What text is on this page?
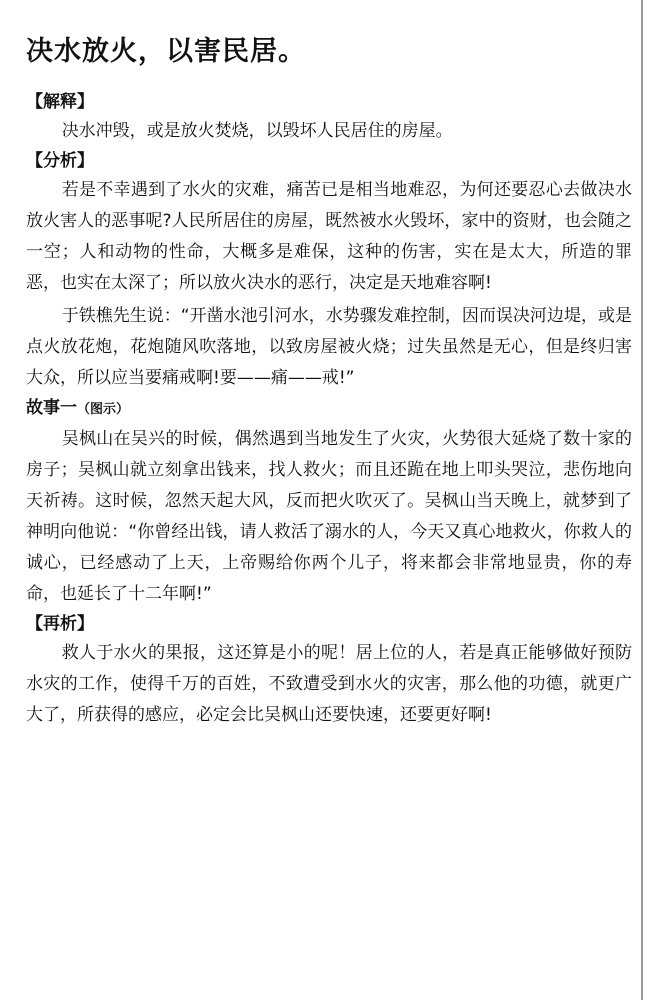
决水放火，以害民居。

【解释】

决水冲毁，或是放火焚烧，以毁坏人民居住的房屋。

【分析】

若是不幸遇到了水火的灾难，痛苦已是相当地难忍，为何还要忍心去做决水放火害人的恶事呢?人民所居住的房屋，既然被水火毁坏，家中的资财，也会随之一空；人和动物的性命，大概多是难保，这种的伤害，实在是太大，所造的罪恶，也实在太深了；所以放火决水的恶行，决定是天地难容啊!

于铁樵先生说：“开凿水池引河水，水势骤发难控制，因而误决河边堤，或是点火放花炮，花炮随风吹落地，以致房屋被火烧；过失虽然是无心，但是终归害大众，所以应当要痛戒啊!要——痛——戒!”

故事一（图示）

吴枫山在吴兴的时候，偶然遇到当地发生了火灾，火势很大延烧了数十家的房子；吴枫山就立刻拿出钱来，找人救火；而且还跪在地上叩头哭泣，悲伤地向天祈祷。这时候，忽然天起大风，反而把火吹灭了。吴枫山当天晚上，就梦到了神明向他说：“你曾经出钱，请人救活了溺水的人，今天又真心地救火，你救人的诚心，已经感动了上天，上帝赐给你两个儿子，将来都会非常地显贵，你的寿命，也延长了十二年啊!”

【再析】

救人于水火的果报，这还算是小的呢！居上位的人，若是真正能够做好预防水灾的工作，使得千万的百姓，不致遭受到水火的灾害，那么他的功德，就更广大了，所获得的感应，必定会比吴枫山还要快速，还要更好啊!
